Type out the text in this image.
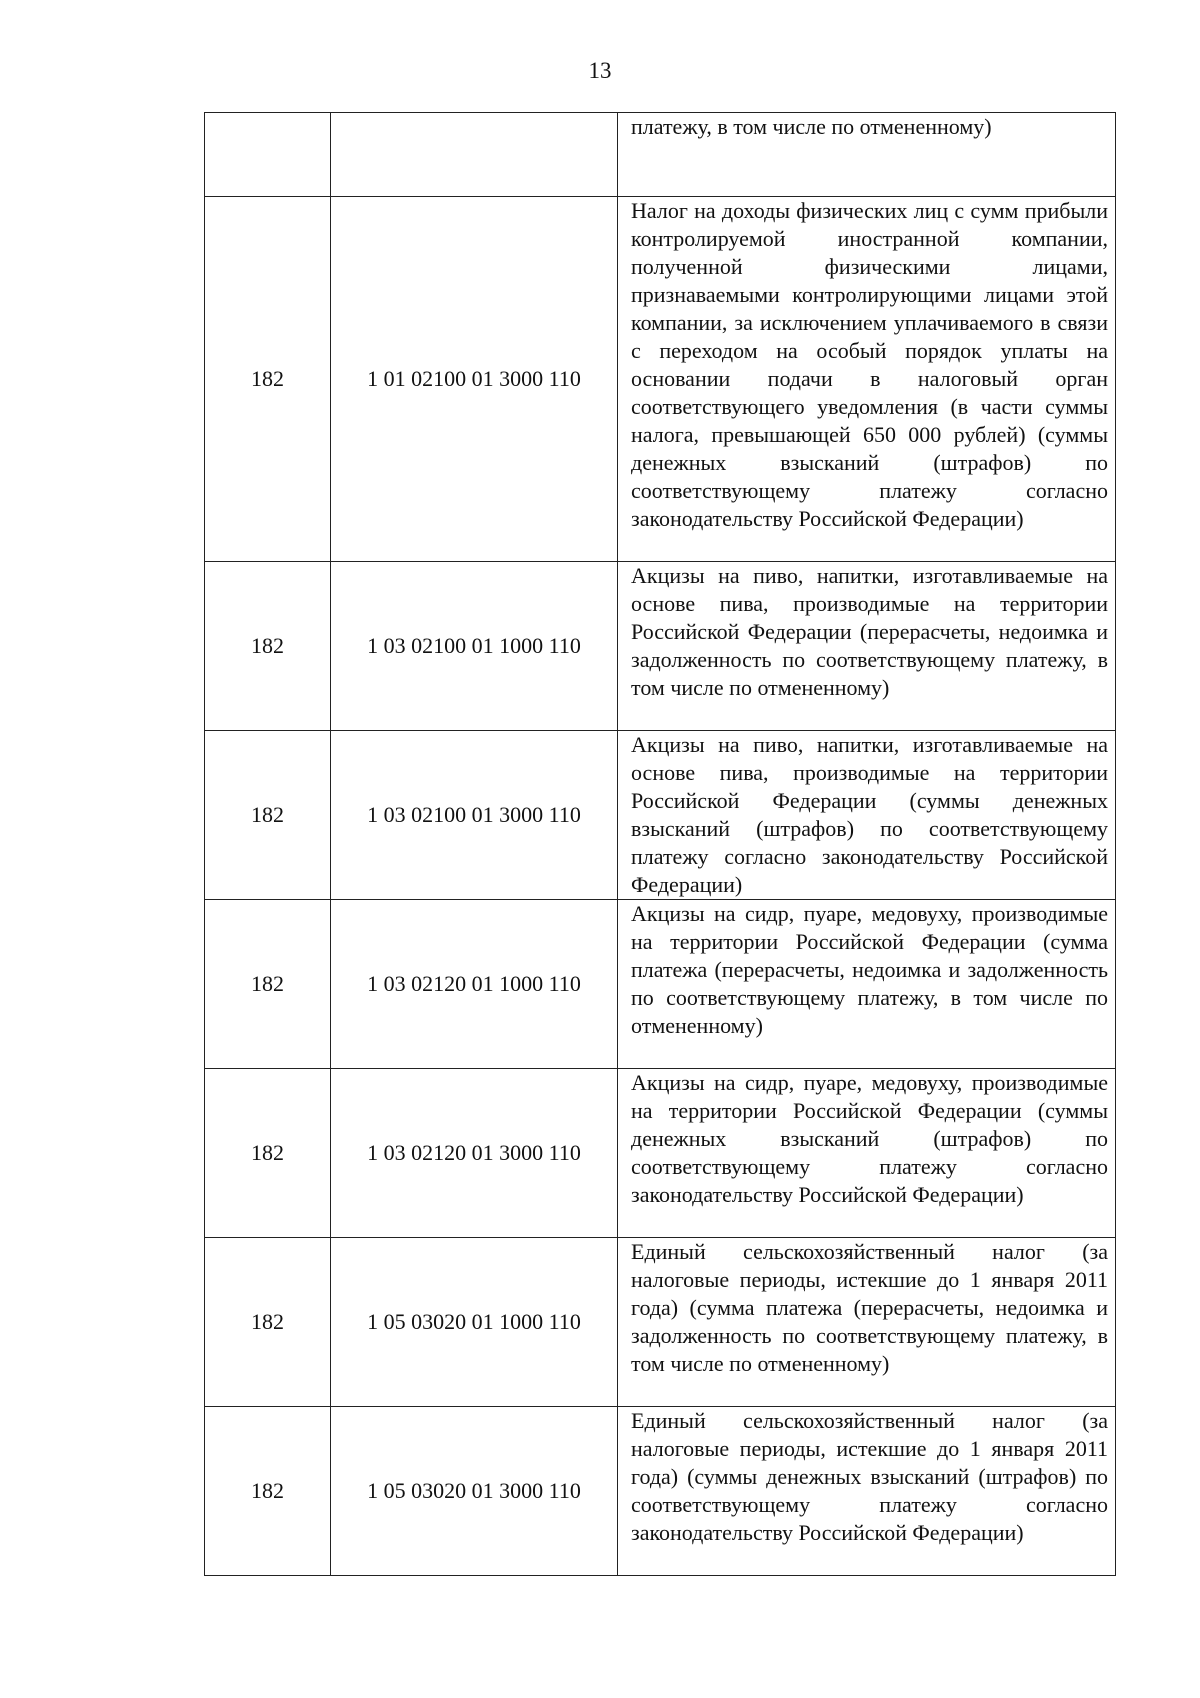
13
		платежу, в том числе по отмененному)
182	1 01 02100 01 3000 110	Налог на доходы физических лиц с сумм прибыли контролируемой иностранной компании, полученной физическими лицами, признаваемыми контролирующими лицами этой компании, за исключением уплачиваемого в связи с переходом на особый порядок уплаты на основании подачи в налоговый орган соответствующего уведомления (в части суммы налога, превышающей 650 000 рублей) (суммы денежных взысканий (штрафов) по соответствующему платежу согласно законодательству Российской Федерации)
182	1 03 02100 01 1000 110	Акцизы на пиво, напитки, изготавливаемые на основе пива, производимые на территории Российской Федерации (перерасчеты, недоимка и задолженность по соответствующему платежу, в том числе по отмененному)
182	1 03 02100 01 3000 110	Акцизы на пиво, напитки, изготавливаемые на основе пива, производимые на территории Российской Федерации (суммы денежных взысканий (штрафов) по соответствующему платежу согласно законодательству Российской Федерации)
182	1 03 02120 01 1000 110	Акцизы на сидр, пуаре, медовуху, производимые на территории Российской Федерации (сумма платежа (перерасчеты, недоимка и задолженность по соответствующему платежу, в том числе по отмененному)
182	1 03 02120 01 3000 110	Акцизы на сидр, пуаре, медовуху, производимые на территории Российской Федерации (суммы денежных взысканий (штрафов) по соответствующему платежу согласно законодательству Российской Федерации)
182	1 05 03020 01 1000 110	Единый сельскохозяйственный налог (за налоговые периоды, истекшие до 1 января 2011 года) (сумма платежа (перерасчеты, недоимка и задолженность по соответствующему платежу, в том числе по отмененному)
182	1 05 03020 01 3000 110	Единый сельскохозяйственный налог (за налоговые периоды, истекшие до 1 января 2011 года) (суммы денежных взысканий (штрафов) по соответствующему платежу согласно законодательству Российской Федерации)
